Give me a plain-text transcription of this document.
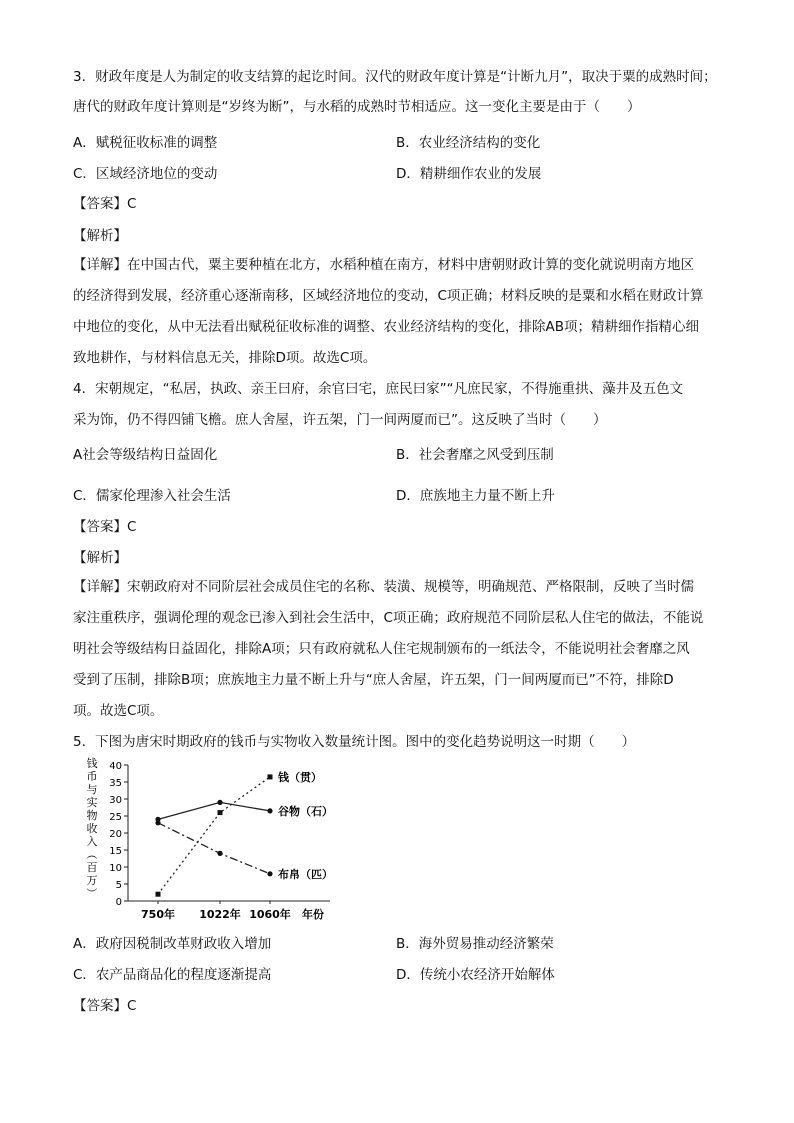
3．财政年度是人为制定的收支结算的起讫时间。汉代的财政年度计算是“计断九月”，取决于粟的成熟时间；
唐代的财政年度计算则是“岁终为断”，与水稻的成熟时节相适应。这一变化主要是由于（　　）
A．赋税征收标准的调整	B．农业经济结构的变化
C．区域经济地位的变动	D．精耕细作农业的发展
【答案】C
【解析】
【详解】在中国古代，粟主要种植在北方，水稻种植在南方，材料中唐朝财政计算的变化就说明南方地区
的经济得到发展，经济重心逐渐南移，区域经济地位的变动，C项正确；材料反映的是粟和水稻在财政计算
中地位的变化，从中无法看出赋税征收标准的调整、农业经济结构的变化，排除AB项；精耕细作指精心细
致地耕作，与材料信息无关，排除D项。故选C项。
4．宋朝规定，“私居，执政、亲王曰府，余官曰宅，庶民曰家”“凡庶民家，不得施重拱、藻井及五色文
采为饰，仍不得四铺飞檐。庶人舍屋，许五架，门一间两厦而已”。这反映了当时（　　）
A社会等级结构日益固化	B．社会奢靡之风受到压制
C．儒家伦理渗入社会生活	D．庶族地主力量不断上升
【答案】C
【解析】
【详解】宋朝政府对不同阶层社会成员住宅的名称、装潢、规模等，明确规范、严格限制，反映了当时儒
家注重秩序，强调伦理的观念已渗入到社会生活中，C项正确；政府规范不同阶层私人住宅的做法，不能说
明社会等级结构日益固化，排除A项；只有政府就私人住宅规制颁布的一纸法令，不能说明社会奢靡之风
受到了压制，排除B项；庶族地主力量不断上升与“庶人舍屋，许五架，门一间两厦而已”不符，排除D
项。故选C项。
5．下图为唐宋时期政府的钱币与实物收入数量统计图。图中的变化趋势说明这一时期（　　）
钱
币
与
实
物
收
入
（
百
万
）
0
5
10
15
20
25
30
35
40
750年 1022年 1060年 年份
钱（贯）
谷物（石）
布帛（匹）
A．政府因税制改革财政收入增加	B．海外贸易推动经济繁荣
C．农产品商品化的程度逐渐提高	D．传统小农经济开始解体
【答案】C
